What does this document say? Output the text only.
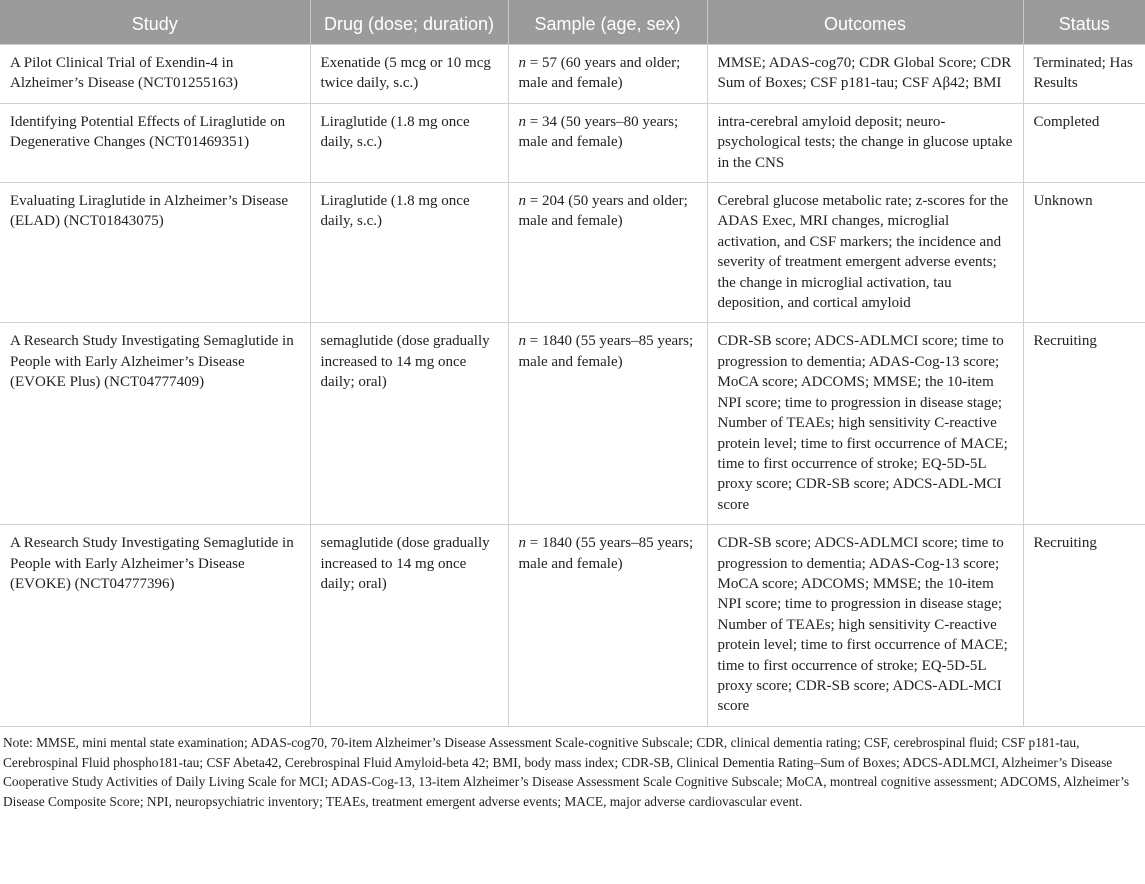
Study	Drug (dose; duration)	Sample (age, sex)	Outcomes	Status
A Pilot Clinical Trial of Exendin-4 in Alzheimer’s Disease (NCT01255163)	Exenatide (5 mcg or 10 mcg twice daily, s.c.)	n = 57 (60 years and older; male and female)	MMSE; ADAS-cog70; CDR Global Score; CDR Sum of Boxes; CSF p181-tau; CSF Aβ42; BMI	Terminated; Has Results
Identifying Potential Effects of Liraglutide on Degenerative Changes (NCT01469351)	Liraglutide (1.8 mg once daily, s.c.)	n = 34 (50 years–80 years; male and female)	intra-cerebral amyloid deposit; neuro-psychological tests; the change in glucose uptake in the CNS	Completed
Evaluating Liraglutide in Alzheimer’s Disease (ELAD) (NCT01843075)	Liraglutide (1.8 mg once daily, s.c.)	n = 204 (50 years and older; male and female)	Cerebral glucose metabolic rate; z-scores for the ADAS Exec, MRI changes, microglial activation, and CSF markers; the incidence and severity of treatment emergent adverse events; the change in microglial activation, tau deposition, and cortical amyloid	Unknown
A Research Study Investigating Semaglutide in People with Early Alzheimer’s Disease (EVOKE Plus) (NCT04777409)	semaglutide (dose gradually increased to 14 mg once daily; oral)	n = 1840 (55 years–85 years; male and female)	CDR-SB score; ADCS-ADLMCI score; time to progression to dementia; ADAS-Cog-13 score; MoCA score; ADCOMS; MMSE; the 10-item NPI score; time to progression in disease stage; Number of TEAEs; high sensitivity C-reactive protein level; time to first occurrence of MACE; time to first occurrence of stroke; EQ-5D-5L proxy score; CDR-SB score; ADCS-ADL-MCI score	Recruiting
A Research Study Investigating Semaglutide in People with Early Alzheimer’s Disease (EVOKE) (NCT04777396)	semaglutide (dose gradually increased to 14 mg once daily; oral)	n = 1840 (55 years–85 years; male and female)	CDR-SB score; ADCS-ADLMCI score; time to progression to dementia; ADAS-Cog-13 score; MoCA score; ADCOMS; MMSE; the 10-item NPI score; time to progression in disease stage; Number of TEAEs; high sensitivity C-reactive protein level; time to first occurrence of MACE; time to first occurrence of stroke; EQ-5D-5L proxy score; CDR-SB score; ADCS-ADL-MCI score	Recruiting
Note: MMSE, mini mental state examination; ADAS-cog70, 70-item Alzheimer’s Disease Assessment Scale-cognitive Subscale; CDR, clinical dementia rating; CSF, cerebrospinal fluid; CSF p181-tau, Cerebrospinal Fluid phospho181-tau; CSF Abeta42, Cerebrospinal Fluid Amyloid-beta 42; BMI, body mass index; CDR-SB, Clinical Dementia Rating–Sum of Boxes; ADCS-ADLMCI, Alzheimer’s Disease Cooperative Study Activities of Daily Living Scale for MCI; ADAS-Cog-13, 13-item Alzheimer’s Disease Assessment Scale Cognitive Subscale; MoCA, montreal cognitive assessment; ADCOMS, Alzheimer’s Disease Composite Score; NPI, neuropsychiatric inventory; TEAEs, treatment emergent adverse events; MACE, major adverse cardiovascular event.
